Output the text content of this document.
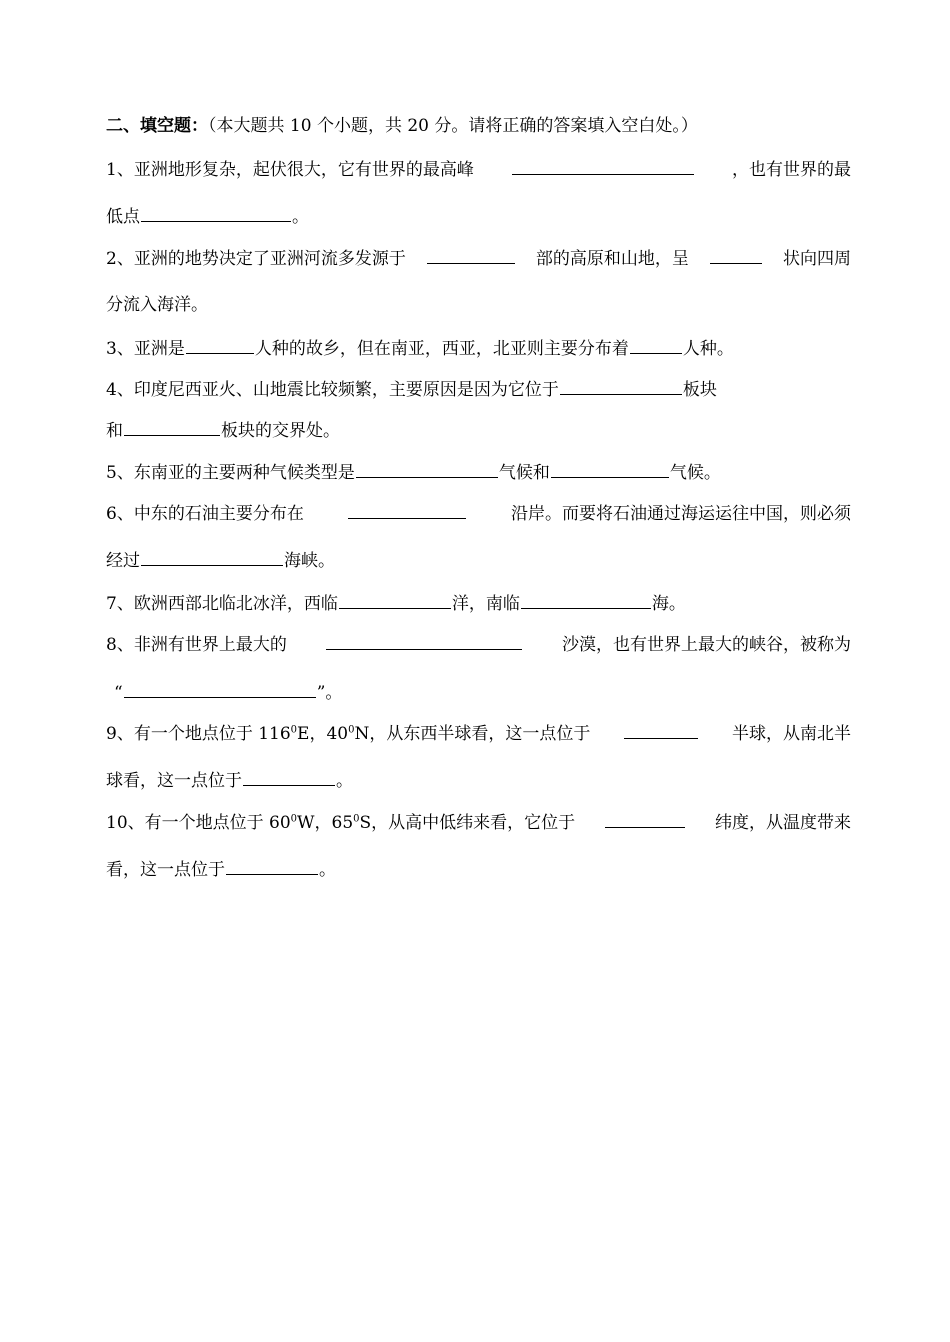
二、填空题：（本大题共 10 个小题，共 20 分。请将正确的答案填入空白处。）
1、亚洲地形复杂，起伏很大，它有世界的最高峰	，也有世界的最
低点	。
2、亚洲的地势决定了亚洲河流多发源于	部的高原和山地，呈	状向四周
分流入海洋。
3、亚洲是	人种的故乡，但在南亚，西亚，北亚则主要分布着	人种。
4、印度尼西亚火、山地震比较频繁，主要原因是因为它位于	板块
和	板块的交界处。
5、东南亚的主要两种气候类型是	气候和	气候。
6、中东的石油主要分布在	沿岸。而要将石油通过海运运往中国，则必须
经过	海峡。
7、欧洲西部北临北冰洋，西临	洋，南临	海。
8、非洲有世界上最大的	沙漠，也有世界上最大的峡谷，被称为
“	”。
9、有一个地点位于 $116^0E$，$40^0N$，从东西半球看，这一点位于	半球，从南北半
球看，这一点位于	。
10、有一个地点位于 $60^0W$，$65^0S$，从高中低纬来看，它位于	纬度，从温度带来
看，这一点位于	。
